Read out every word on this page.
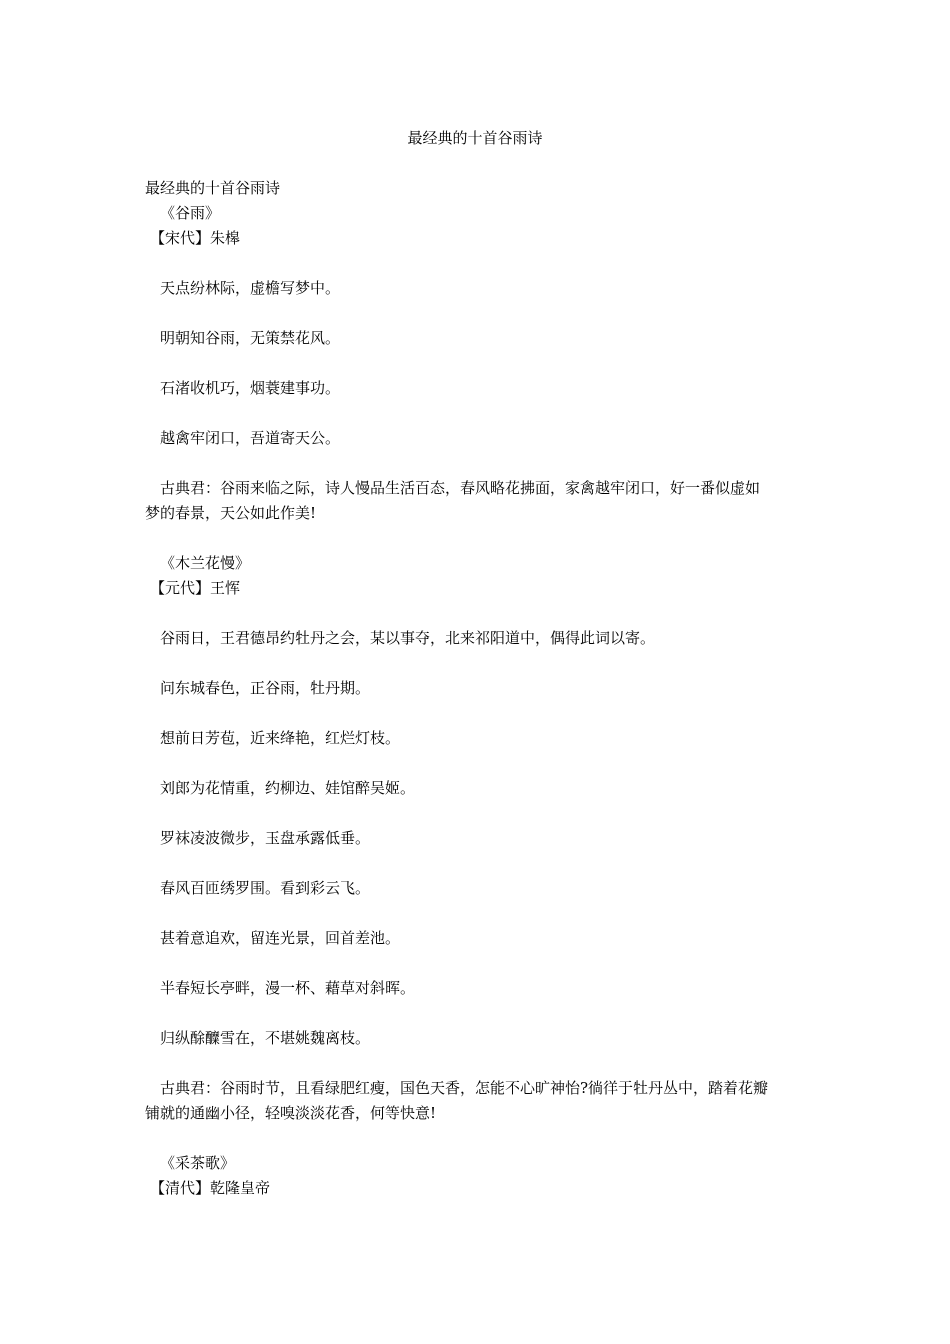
最经典的十首谷雨诗
最经典的十首谷雨诗
《谷雨》
【宋代】朱槔
天点纷林际，虚檐写梦中。
明朝知谷雨，无策禁花风。
石渚收机巧，烟蓑建事功。
越禽牢闭口，吾道寄天公。
古典君：谷雨来临之际，诗人慢品生活百态，春风略花拂面，家禽越牢闭口，好一番似虚如
梦的春景，天公如此作美!
《木兰花慢》
【元代】王恽
谷雨日，王君德昂约牡丹之会，某以事夺，北来祁阳道中，偶得此词以寄。
问东城春色，正谷雨，牡丹期。
想前日芳苞，近来绛艳，红烂灯枝。
刘郎为花情重，约柳边、娃馆醉吴姬。
罗袜凌波微步，玉盘承露低垂。
春风百匝绣罗围。看到彩云飞。
甚着意追欢，留连光景，回首差池。
半春短长亭畔，漫一杯、藉草对斜晖。
归纵酴醾雪在，不堪姚魏离枝。
古典君：谷雨时节，且看绿肥红瘦，国色天香，怎能不心旷神怡?徜徉于牡丹丛中，踏着花瓣
铺就的通幽小径，轻嗅淡淡花香，何等快意!
《采茶歌》
【清代】乾隆皇帝
